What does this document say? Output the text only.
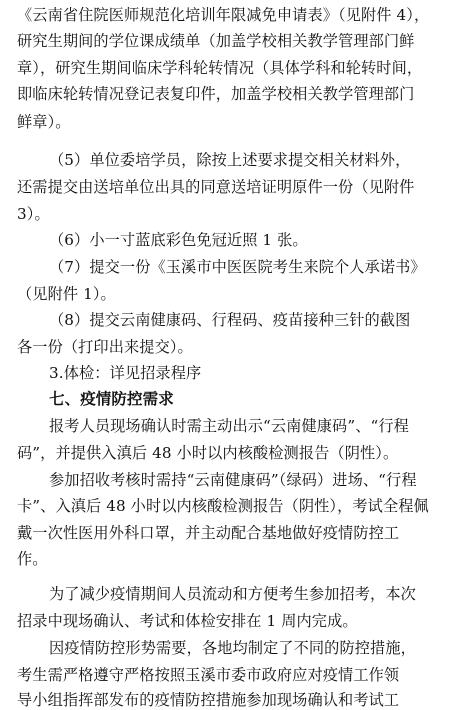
《云南省住院医师规范化培训年限减免申请表》（见附件 4），
研究生期间的学位课成绩单（加盖学校相关教学管理部门鲜
章），研究生期间临床学科轮转情况（具体学科和轮转时间，
即临床轮转情况登记表复印件，加盖学校相关教学管理部门
鲜章）。
（5）单位委培学员，除按上述要求提交相关材料外，
还需提交由送培单位出具的同意送培证明原件一份（见附件
3）。
（6）小一寸蓝底彩色免冠近照 1 张。
（7）提交一份《玉溪市中医医院考生来院个人承诺书》
（见附件 1）。
（8）提交云南健康码、行程码、疫苗接种三针的截图
各一份（打印出来提交）。
3.体检：详见招录程序
七、疫情防控需求
报考人员现场确认时需主动出示“云南健康码”、“行程
码”，并提供入滇后 48 小时以内核酸检测报告（阴性）。
参加招收考核时需持“云南健康码”（绿码）进场、“行程
卡”、入滇后 48 小时以内核酸检测报告（阴性），考试全程佩
戴一次性医用外科口罩，并主动配合基地做好疫情防控工
作。
为了减少疫情期间人员流动和方便考生参加招考，本次
招录中现场确认、考试和体检安排在 1 周内完成。
因疫情防控形势需要，各地均制定了不同的防控措施，
考生需严格遵守严格按照玉溪市委市政府应对疫情工作领
导小组指挥部发布的疫情防控措施参加现场确认和考试工
